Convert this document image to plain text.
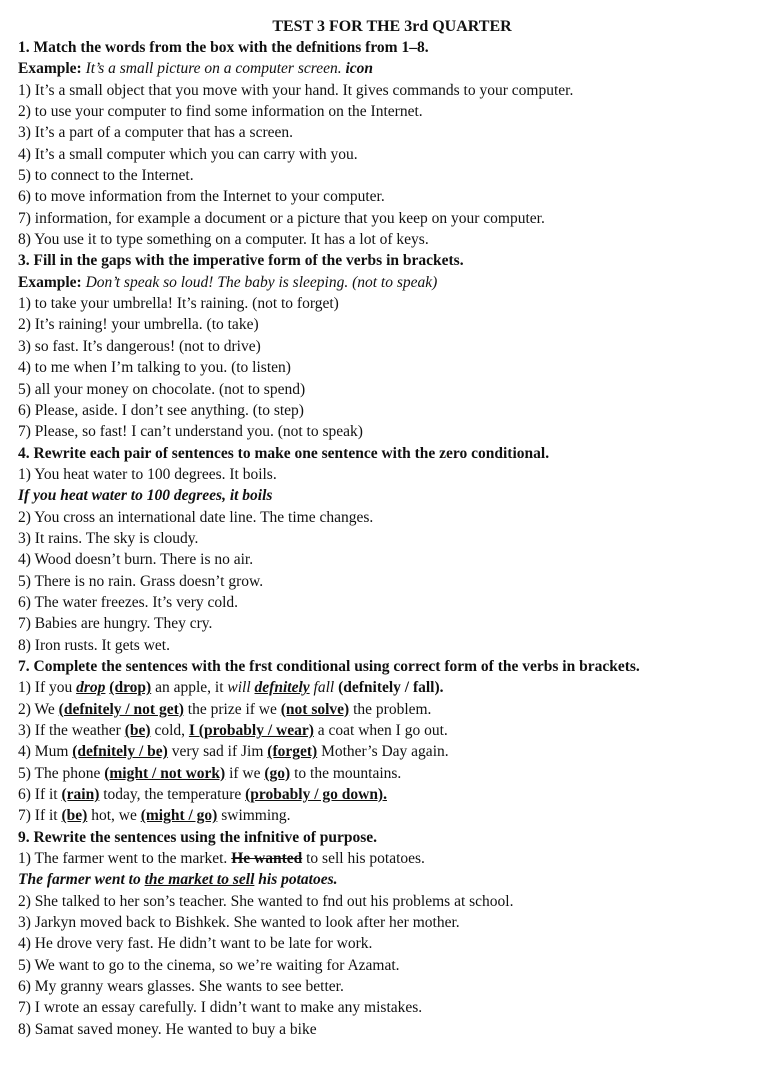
TEST 3 FOR THE 3rd QUARTER
1. Match the words from the box with the defnitions from 1–8.
Example: It’s a small picture on a computer screen. icon
1) It’s a small object that you move with your hand. It gives commands to your computer.
2) to use your computer to find some information on the Internet.
3) It’s a part of a computer that has a screen.
4) It’s a small computer which you can carry with you.
5) to connect to the Internet.
6) to move information from the Internet to your computer.
7) information, for example a document or a picture that you keep on your computer.
8) You use it to type something on a computer. It has a lot of keys.
3. Fill in the gaps with the imperative form of the verbs in brackets.
Example: Don’t speak so loud! The baby is sleeping. (not to speak)
1) to take your umbrella! It’s raining. (not to forget)
2) It’s raining! your umbrella. (to take)
3) so fast. It’s dangerous! (not to drive)
4) to me when I’m talking to you. (to listen)
5) all your money on chocolate. (not to spend)
6) Please, aside. I don’t see anything. (to step)
7) Please, so fast! I can’t understand you. (not to speak)
4. Rewrite each pair of sentences to make one sentence with the zero conditional.
1) You heat water to 100 degrees. It boils.
If you heat water to 100 degrees, it boils
2) You cross an international date line. The time changes.
3) It rains. The sky is cloudy.
4) Wood doesn’t burn. There is no air.
5) There is no rain. Grass doesn’t grow.
6) The water freezes. It’s very cold.
7) Babies are hungry. They cry.
8) Iron rusts. It gets wet.
7. Complete the sentences with the frst conditional using correct form of the verbs in brackets.
1) If you drop (drop) an apple, it will defnitely fall (defnitely / fall).
2) We (defnitely / not get) the prize if we (not solve) the problem.
3) If the weather (be) cold, I (probably / wear) a coat when I go out.
4) Mum (defnitely / be) very sad if Jim (forget) Mother’s Day again.
5) The phone (might / not work) if we (go) to the mountains.
6) If it (rain) today, the temperature (probably / go down).
7) If it (be) hot, we (might / go) swimming.
9. Rewrite the sentences using the infnitive of purpose.
1) The farmer went to the market. He wanted to sell his potatoes.
The farmer went to the market to sell his potatoes.
2) She talked to her son’s teacher. She wanted to fnd out his problems at school.
3) Jarkyn moved back to Bishkek. She wanted to look after her mother.
4) He drove very fast. He didn’t want to be late for work.
5) We want to go to the cinema, so we’re waiting for Azamat.
6) My granny wears glasses. She wants to see better.
7) I wrote an essay carefully. I didn’t want to make any mistakes.
8) Samat saved money. He wanted to buy a bike
